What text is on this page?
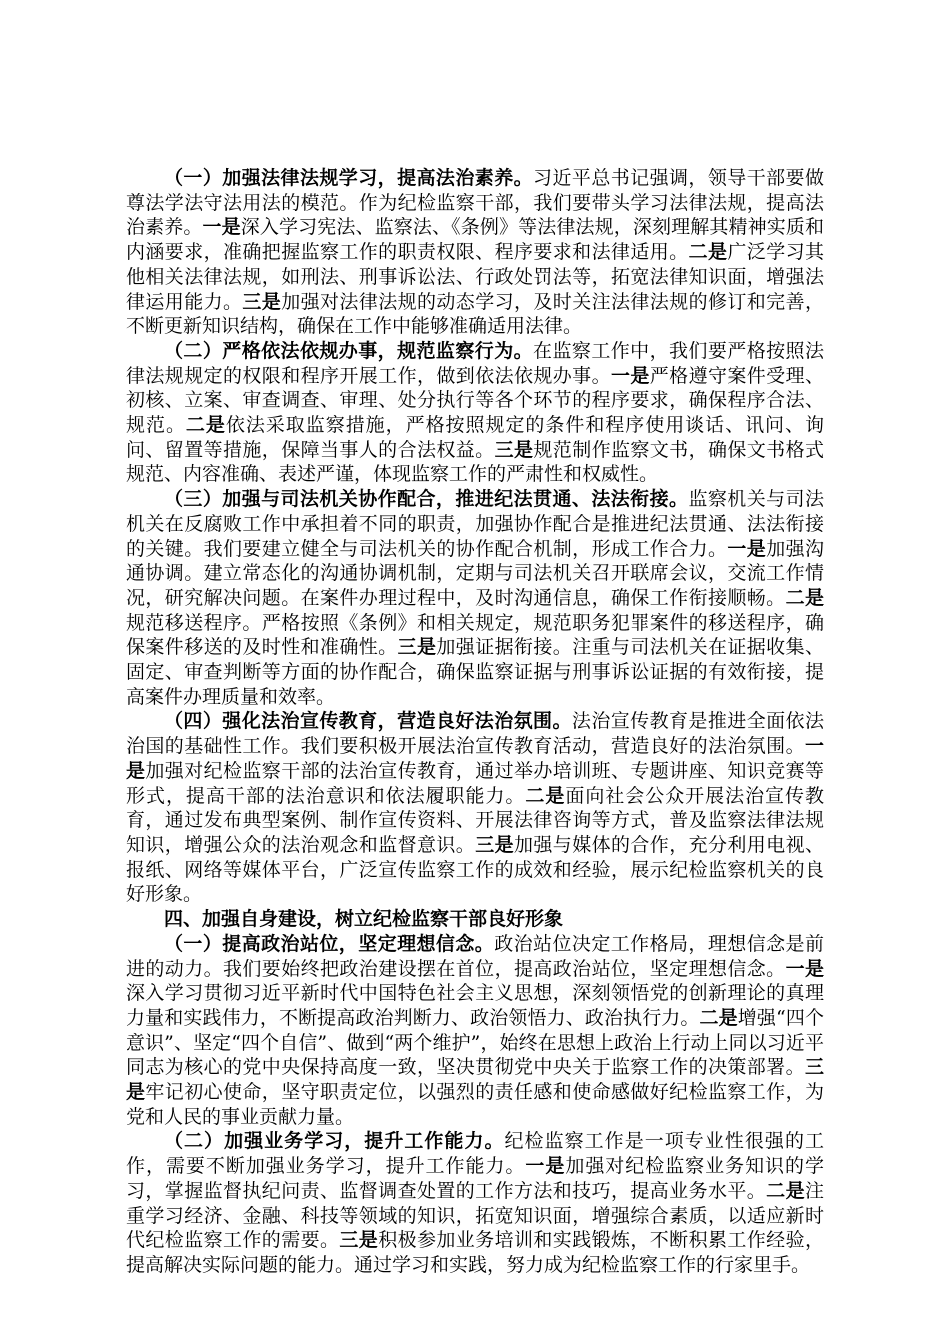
（一）加强法律法规学习，提高法治素养。习近平总书记强调，领导干部要做尊法学法守法用法的模范。作为纪检监察干部，我们要带头学习法律法规，提高法治素养。一是深入学习宪法、监察法、《条例》等法律法规，深刻理解其精神实质和内涵要求，准确把握监察工作的职责权限、程序要求和法律适用。二是广泛学习其他相关法律法规，如刑法、刑事诉讼法、行政处罚法等，拓宽法律知识面，增强法律运用能力。三是加强对法律法规的动态学习，及时关注法律法规的修订和完善，不断更新知识结构，确保在工作中能够准确适用法律。

（二）严格依法依规办事，规范监察行为。在监察工作中，我们要严格按照法律法规规定的权限和程序开展工作，做到依法依规办事。一是严格遵守案件受理、初核、立案、审查调查、审理、处分执行等各个环节的程序要求，确保程序合法、规范。二是依法采取监察措施，严格按照规定的条件和程序使用谈话、讯问、询问、留置等措施，保障当事人的合法权益。三是规范制作监察文书，确保文书格式规范、内容准确、表述严谨，体现监察工作的严肃性和权威性。

（三）加强与司法机关协作配合，推进纪法贯通、法法衔接。监察机关与司法机关在反腐败工作中承担着不同的职责，加强协作配合是推进纪法贯通、法法衔接的关键。我们要建立健全与司法机关的协作配合机制，形成工作合力。一是加强沟通协调。建立常态化的沟通协调机制，定期与司法机关召开联席会议，交流工作情况，研究解决问题。在案件办理过程中，及时沟通信息，确保工作衔接顺畅。二是规范移送程序。严格按照《条例》和相关规定，规范职务犯罪案件的移送程序，确保案件移送的及时性和准确性。三是加强证据衔接。注重与司法机关在证据收集、固定、审查判断等方面的协作配合，确保监察证据与刑事诉讼证据的有效衔接，提高案件办理质量和效率。

（四）强化法治宣传教育，营造良好法治氛围。法治宣传教育是推进全面依法治国的基础性工作。我们要积极开展法治宣传教育活动，营造良好的法治氛围。一是加强对纪检监察干部的法治宣传教育，通过举办培训班、专题讲座、知识竞赛等形式，提高干部的法治意识和依法履职能力。二是面向社会公众开展法治宣传教育，通过发布典型案例、制作宣传资料、开展法律咨询等方式，普及监察法律法规知识，增强公众的法治观念和监督意识。三是加强与媒体的合作，充分利用电视、报纸、网络等媒体平台，广泛宣传监察工作的成效和经验，展示纪检监察机关的良好形象。

四、加强自身建设，树立纪检监察干部良好形象

（一）提高政治站位，坚定理想信念。政治站位决定工作格局，理想信念是前进的动力。我们要始终把政治建设摆在首位，提高政治站位，坚定理想信念。一是深入学习贯彻习近平新时代中国特色社会主义思想，深刻领悟党的创新理论的真理力量和实践伟力，不断提高政治判断力、政治领悟力、政治执行力。二是增强“四个意识”、坚定“四个自信”、做到“两个维护”，始终在思想上政治上行动上同以习近平同志为核心的党中央保持高度一致，坚决贯彻党中央关于监察工作的决策部署。三是牢记初心使命，坚守职责定位，以强烈的责任感和使命感做好纪检监察工作，为党和人民的事业贡献力量。

（二）加强业务学习，提升工作能力。纪检监察工作是一项专业性很强的工作，需要不断加强业务学习，提升工作能力。一是加强对纪检监察业务知识的学习，掌握监督执纪问责、监督调查处置的工作方法和技巧，提高业务水平。二是注重学习经济、金融、科技等领域的知识，拓宽知识面，增强综合素质，以适应新时代纪检监察工作的需要。三是积极参加业务培训和实践锻炼，不断积累工作经验，提高解决实际问题的能力。通过学习和实践，努力成为纪检监察工作的行家里手。
